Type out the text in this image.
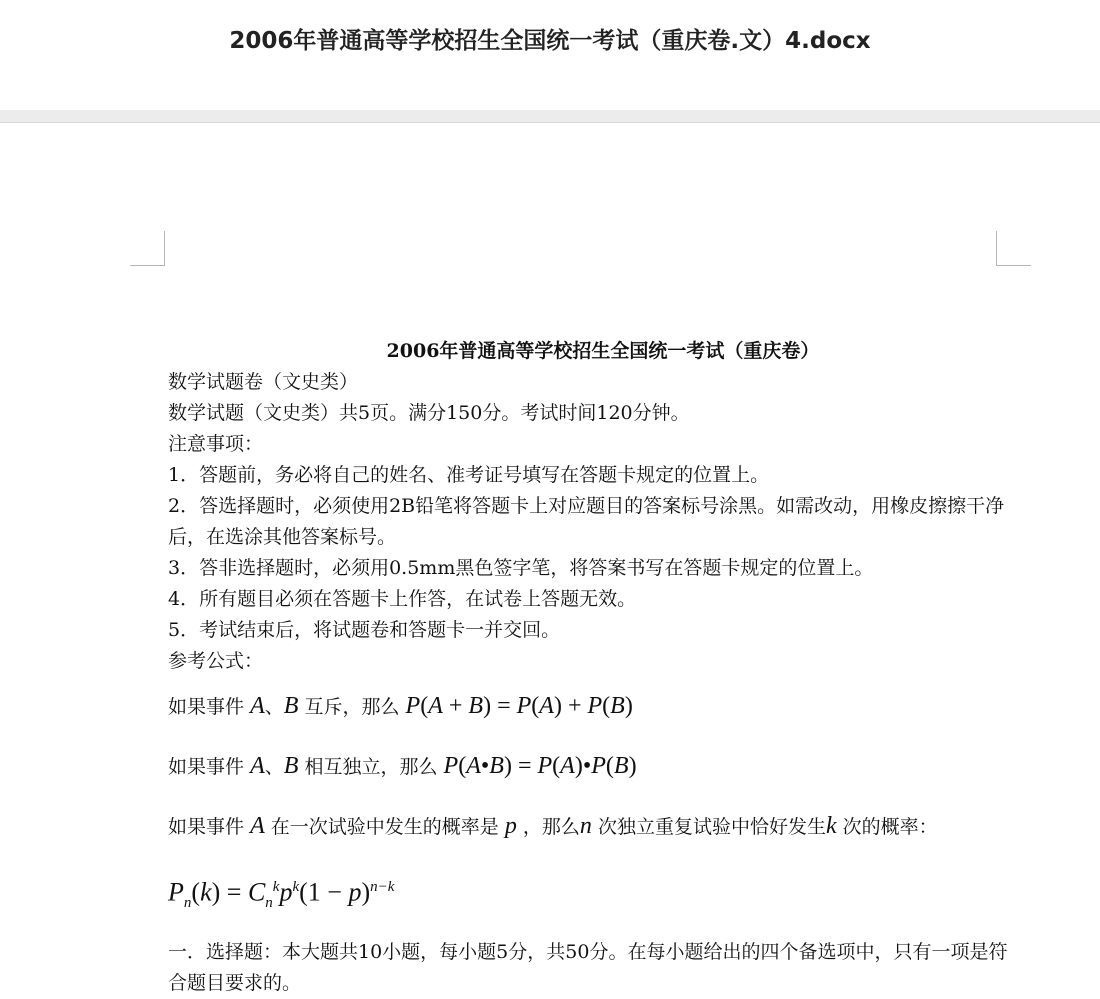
2006年普通高等学校招生全国统一考试（重庆卷.文）4.docx
2006年普通高等学校招生全国统一考试（重庆卷）
数学试题卷（文史类）
数学试题（文史类）共5页。满分150分。考试时间120分钟。
注意事项：
1．答题前，务必将自己的姓名、准考证号填写在答题卡规定的位置上。
2．答选择题时，必须使用2B铅笔将答题卡上对应题目的答案标号涂黑。如需改动，用橡皮擦擦干净后，在选涂其他答案标号。
3．答非选择题时，必须用0.5mm黑色签字笔，将答案书写在答题卡规定的位置上。
4．所有题目必须在答题卡上作答，在试卷上答题无效。
5．考试结束后，将试题卷和答题卡一并交回。
参考公式：
如果事件 A、B 互斥，那么 P(A + B) = P(A) + P(B)
如果事件 A、B 相互独立，那么 P(A•B) = P(A)•P(B)
如果事件 A 在一次试验中发生的概率是 p ，那么n 次独立重复试验中恰好发生k 次的概率：
$P_n(k) = C_n^kp^k(1 - p)^{n-k}$
一．选择题：本大题共10小题，每小题5分，共50分。在每小题给出的四个备选项中，只有一项是符合题目要求的。
